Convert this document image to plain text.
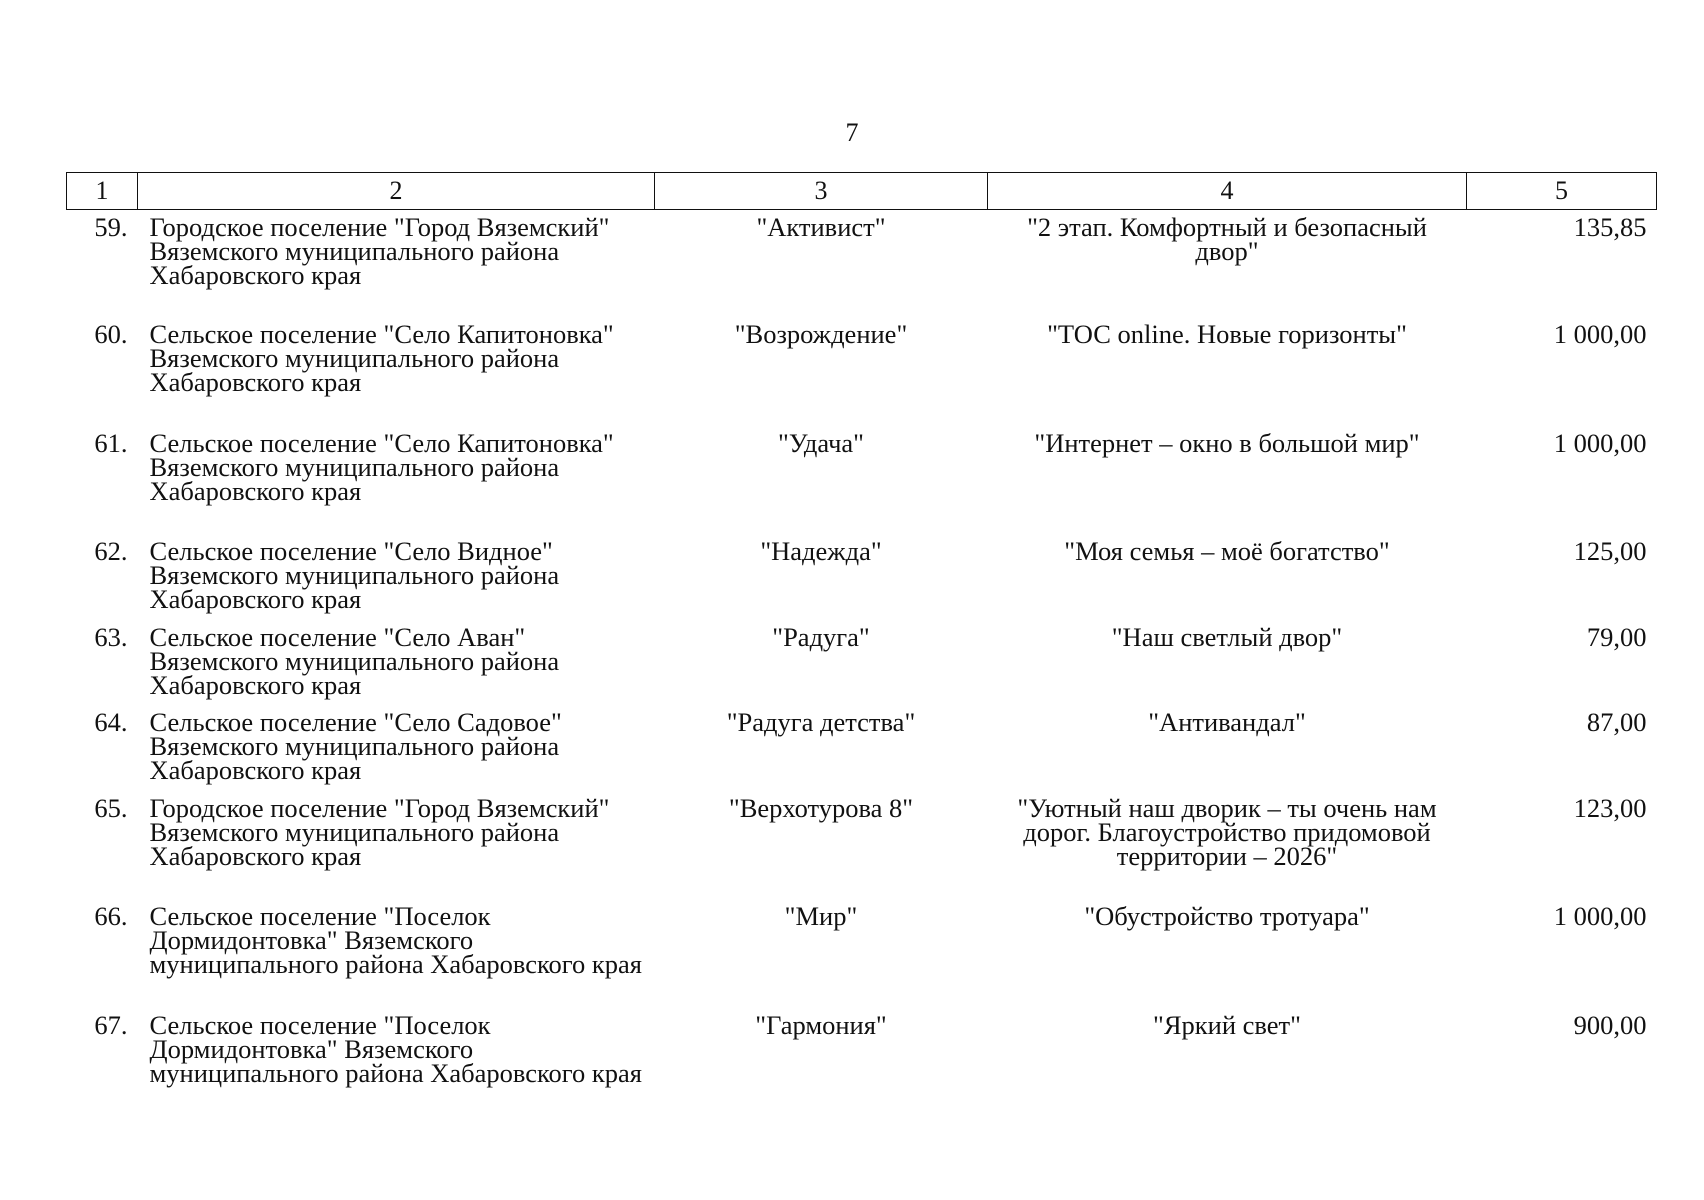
7
1	2	3	4	5
59.	Городское поселение "Город Вяземский" Вяземского муниципального района Хабаровского края	"Активист"	"2 этап. Комфортный и безопасный двор"	135,85
60.	Сельское поселение "Село Капитоновка" Вяземского муниципального района Хабаровского края	"Возрождение"	"ТОС online. Новые горизонты"	1 000,00
61.	Сельское поселение "Село Капитоновка" Вяземского муниципального района Хабаровского края	"Удача"	"Интернет – окно в большой мир"	1 000,00
62.	Сельское поселение "Село Видное" Вяземского муниципального района Хабаровского края	"Надежда"	"Моя семья – моё богатство"	125,00
63.	Сельское поселение "Село Аван" Вяземского муниципального района Хабаровского края	"Радуга"	"Наш светлый двор"	79,00
64.	Сельское поселение "Село Садовое" Вяземского муниципального района Хабаровского края	"Радуга детства"	"Антивандал"	87,00
65.	Городское поселение "Город Вяземский" Вяземского муниципального района Хабаровского края	"Верхотурова 8"	"Уютный наш дворик – ты очень нам дорог. Благоустройство придомовой территории – 2026"	123,00
66.	Сельское поселение "Поселок Дормидонтовка" Вяземского муниципального района Хабаровского края	"Мир"	"Обустройство тротуара"	1 000,00
67.	Сельское поселение "Поселок Дормидонтовка" Вяземского муниципального района Хабаровского края	"Гармония"	"Яркий свет"	900,00
